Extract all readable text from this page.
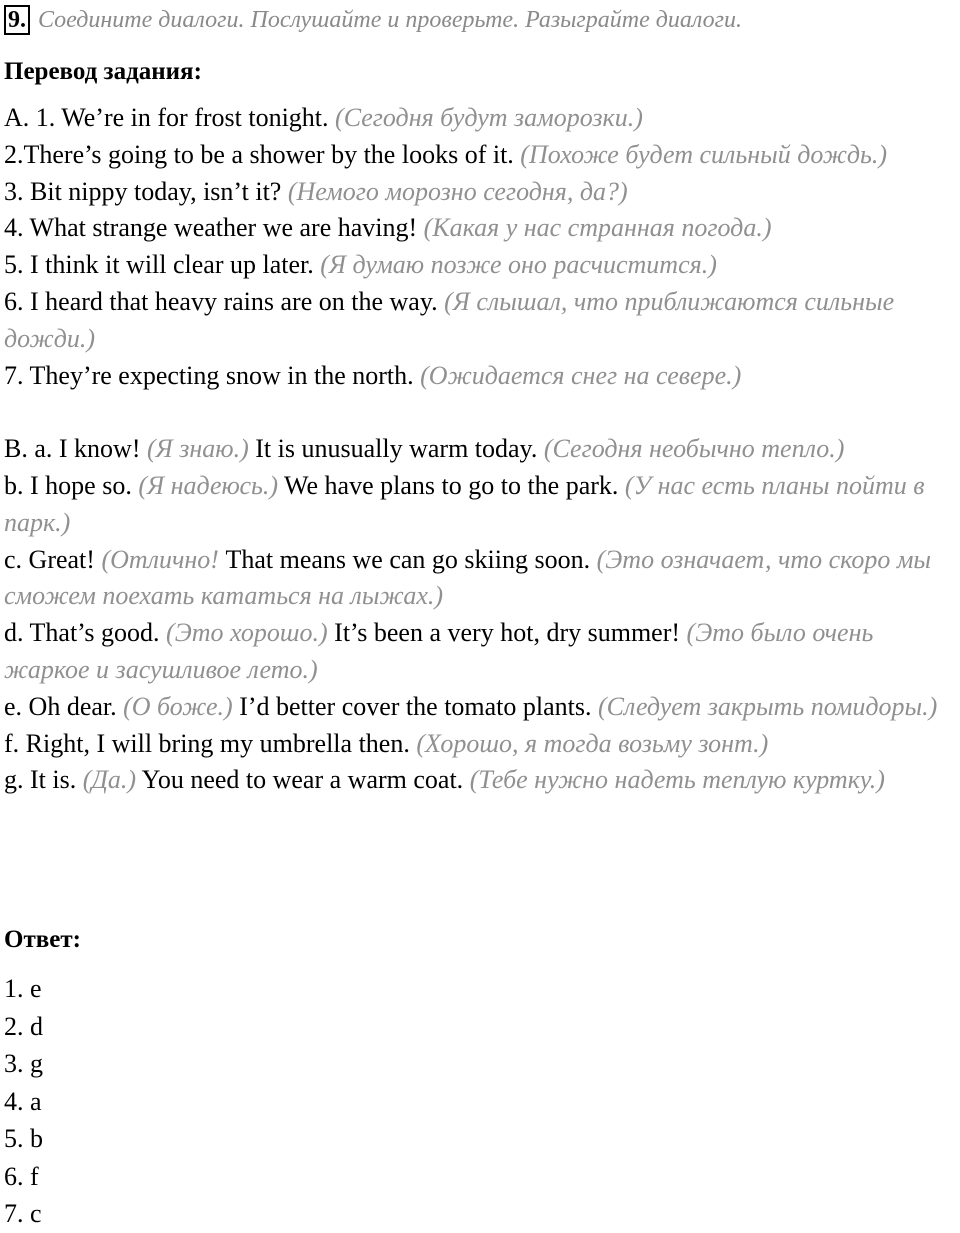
9. Соедините диалоги. Послушайте и проверьте. Разыграйте диалоги.
Перевод задания:
A. 1. We’re in for frost tonight. (Сегодня будут заморозки.)
2.There’s going to be a shower by the looks of it. (Похоже будет сильный дождь.)
3. Bit nippy today, isn’t it? (Немого морозно сегодня, да?)
4. What strange weather we are having! (Какая у нас странная погода.)
5. I think it will clear up later. (Я думаю позже оно расчистится.)
6. I heard that heavy rains are on the way. (Я слышал, что приближаются сильные дожди.)
7. They’re expecting snow in the north. (Ожидается снег на севере.)
B. a. I know! (Я знаю.) It is unusually warm today. (Сегодня необычно тепло.)
b. I hope so. (Я надеюсь.) We have plans to go to the park. (У нас есть планы пойти в парк.)
c. Great! (Отлично! That means we can go skiing soon. (Это означает, что скоро мы сможем поехать кататься на лыжах.)
d. That’s good. (Это хорошо.) It’s been a very hot, dry summer! (Это было очень жаркое и засушливое лето.)
e. Oh dear. (О боже.) I’d better cover the tomato plants. (Следует закрыть помидоры.)
f. Right, I will bring my umbrella then. (Хорошо, я тогда возьму зонт.)
g. It is. (Да.) You need to wear a warm coat. (Тебе нужно надеть теплую куртку.)
Ответ:
1. e
2. d
3. g
4. a
5. b
6. f
7. c
